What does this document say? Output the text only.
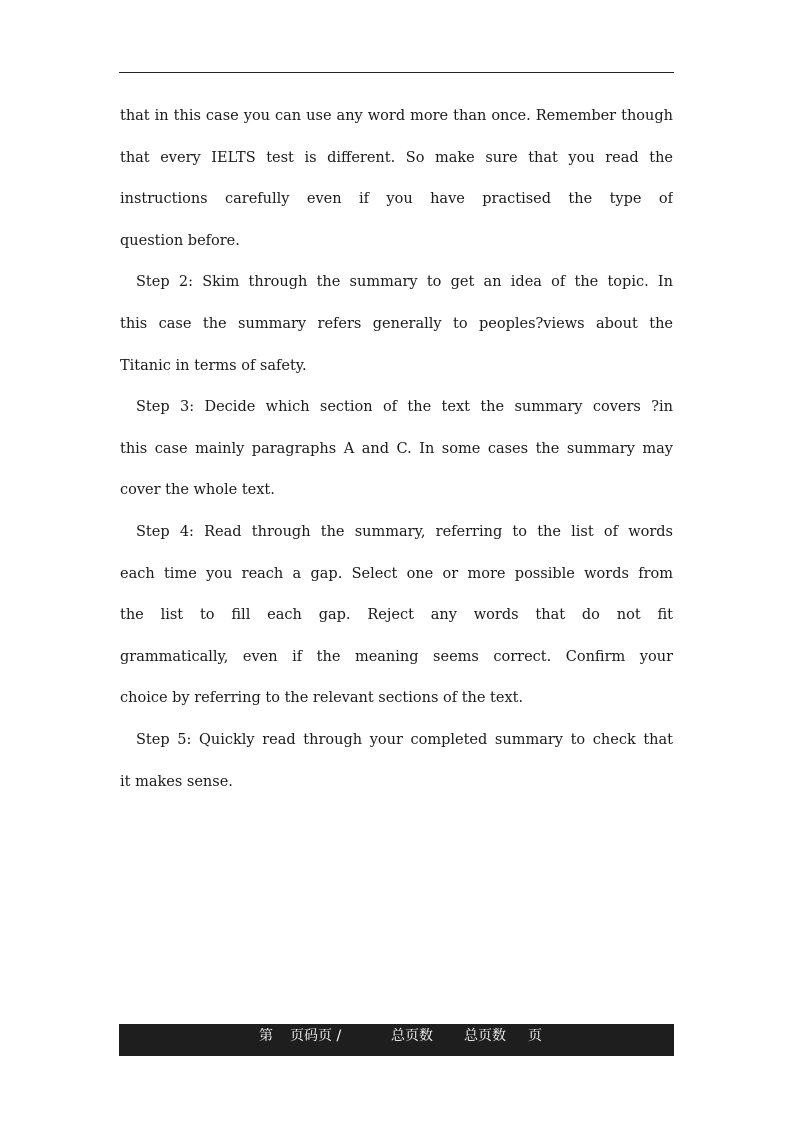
that in this case you can use any word more than once. Remember though
that every IELTS test is different. So make sure that you read the
instructions carefully even if you have practised the type of
question before.
Step 2: Skim through the summary to get an idea of the topic. In
this case the summary refers generally to peoples?views about the
Titanic in terms of safety.
Step 3: Decide which section of the text the summary covers ?in
this case mainly paragraphs A and C. In some cases the summary may
cover the whole text.
Step 4: Read through the summary, referring to the list of words
each time you reach a gap. Select one or more possible words from
the list to fill each gap. Reject any words that do not fit
grammatically, even if the meaning seems correct. Confirm your
choice by referring to the relevant sections of the text.
Step 5: Quickly read through your completed summary to check that
it makes sense.
第 页码页 /	总页数 总页数 页
